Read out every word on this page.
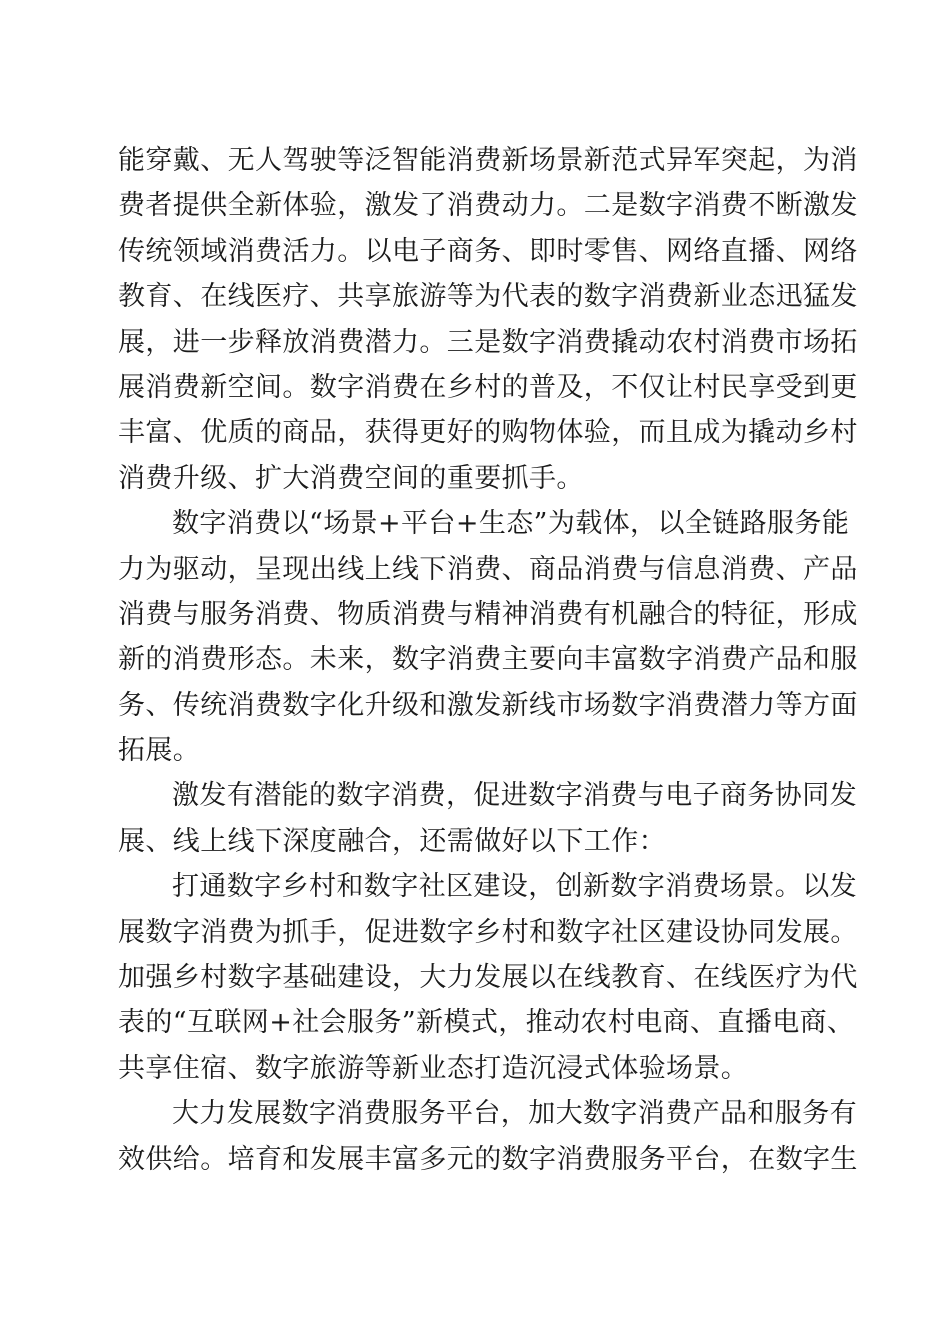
能穿戴、无人驾驶等泛智能消费新场景新范式异军突起，为消
费者提供全新体验，激发了消费动力。二是数字消费不断激发
传统领域消费活力。以电子商务、即时零售、网络直播、网络
教育、在线医疗、共享旅游等为代表的数字消费新业态迅猛发
展，进一步释放消费潜力。三是数字消费撬动农村消费市场拓
展消费新空间。数字消费在乡村的普及，不仅让村民享受到更
丰富、优质的商品，获得更好的购物体验，而且成为撬动乡村
消费升级、扩大消费空间的重要抓手。
数字消费以“场景+平台+生态”为载体，以全链路服务能
力为驱动，呈现出线上线下消费、商品消费与信息消费、产品
消费与服务消费、物质消费与精神消费有机融合的特征，形成
新的消费形态。未来，数字消费主要向丰富数字消费产品和服
务、传统消费数字化升级和激发新线市场数字消费潜力等方面
拓展。
激发有潜能的数字消费，促进数字消费与电子商务协同发
展、线上线下深度融合，还需做好以下工作：
打通数字乡村和数字社区建设，创新数字消费场景。以发
展数字消费为抓手，促进数字乡村和数字社区建设协同发展。
加强乡村数字基础建设，大力发展以在线教育、在线医疗为代
表的“互联网+社会服务”新模式，推动农村电商、直播电商、
共享住宿、数字旅游等新业态打造沉浸式体验场景。
大力发展数字消费服务平台，加大数字消费产品和服务有
效供给。培育和发展丰富多元的数字消费服务平台，在数字生
